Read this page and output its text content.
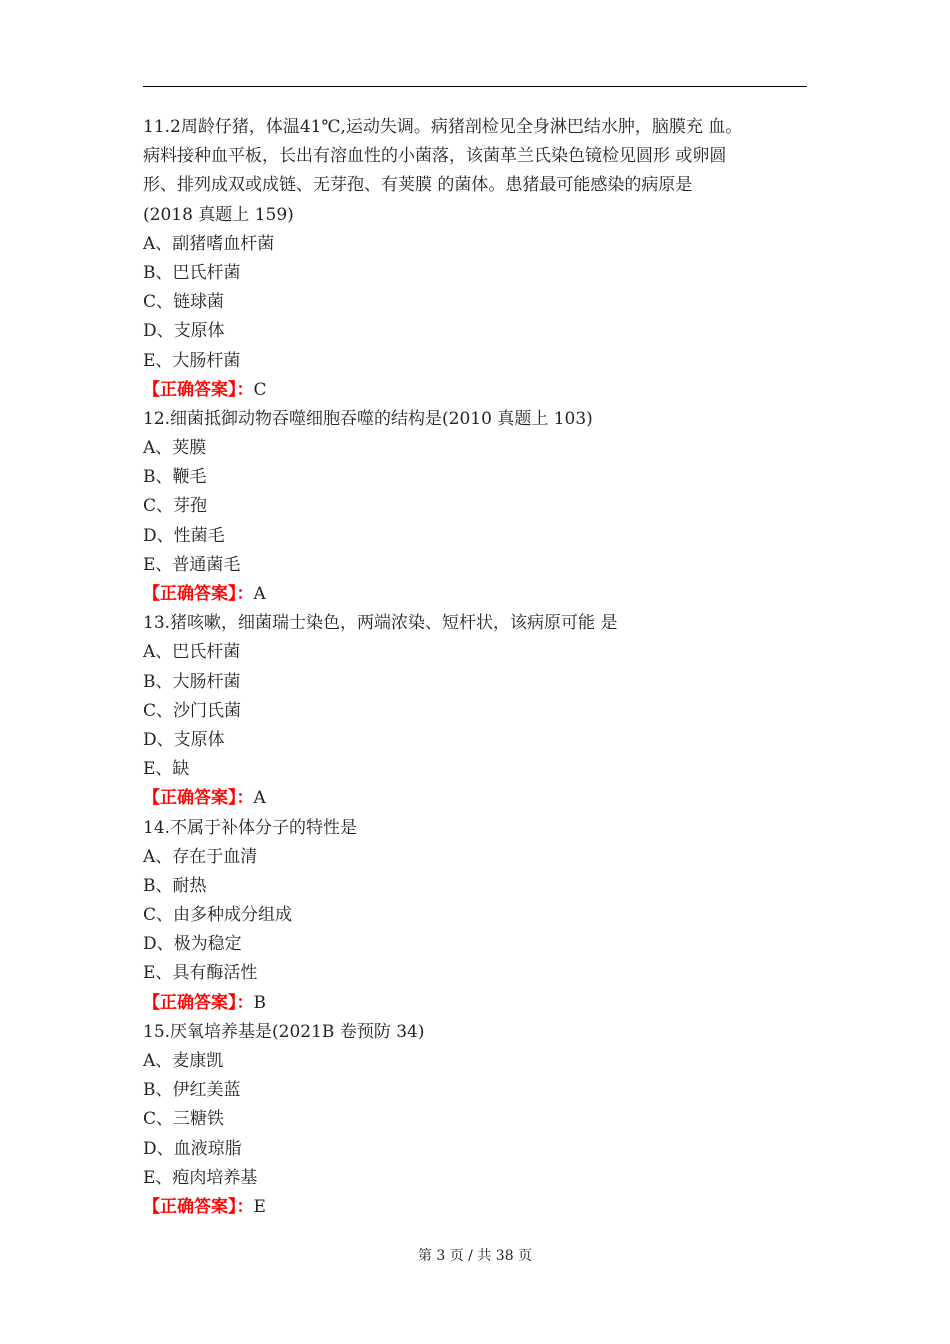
11.2周龄仔猪，体温41℃,运动失调。病猪剖检见全身淋巴结水肿，脑膜充 血。
病料接种血平板，长出有溶血性的小菌落，该菌革兰氏染色镜检见圆形 或卵圆
形、排列成双或成链、无芽孢、有荚膜 的菌体。患猪最可能感染的病原是
(2018 真题上 159)
A、副猪嗜血杆菌
B、巴氏杆菌
C、链球菌
D、支原体
E、大肠杆菌
【正确答案】：C
12.细菌抵御动物吞噬细胞吞噬的结构是(2010 真题上 103)
A、荚膜
B、鞭毛
C、芽孢
D、性菌毛
E、普通菌毛
【正确答案】：A
13.猪咳嗽，细菌瑞士染色，两端浓染、短杆状，该病原可能 是
A、巴氏杆菌
B、大肠杆菌
C、沙门氏菌
D、支原体
E、缺
【正确答案】：A
14.不属于补体分子的特性是
A、存在于血清
B、耐热
C、由多种成分组成
D、极为稳定
E、具有酶活性
【正确答案】：B
15.厌氧培养基是(2021B 卷预防 34)
A、麦康凯
B、伊红美蓝
C、三糖铁
D、血液琼脂
E、疱肉培养基
【正确答案】：E
第 3 页 / 共 38 页
